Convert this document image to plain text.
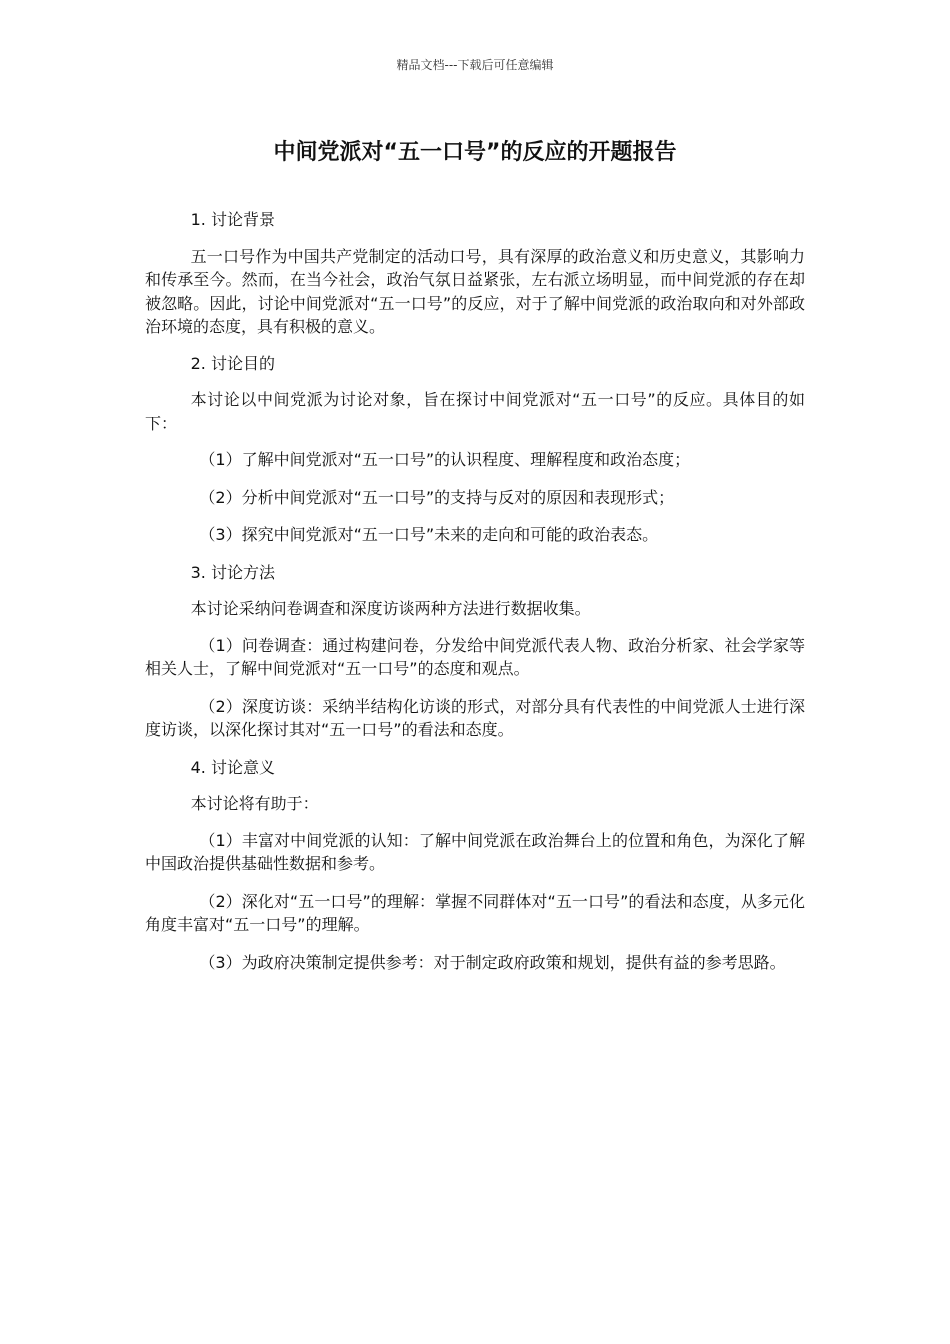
精品文档---下载后可任意编辑
中间党派对“五一口号”的反应的开题报告

1. 讨论背景

五一口号作为中国共产党制定的活动口号，具有深厚的政治意义和历史意义，其影响力和传承至今。然而，在当今社会，政治气氛日益紧张，左右派立场明显，而中间党派的存在却被忽略。因此，讨论中间党派对“五一口号”的反应，对于了解中间党派的政治取向和对外部政治环境的态度，具有积极的意义。

2. 讨论目的

本讨论以中间党派为讨论对象，旨在探讨中间党派对“五一口号”的反应。具体目的如下：

（1）了解中间党派对“五一口号”的认识程度、理解程度和政治态度；

（2）分析中间党派对“五一口号”的支持与反对的原因和表现形式；

（3）探究中间党派对“五一口号”未来的走向和可能的政治表态。

3. 讨论方法

本讨论采纳问卷调查和深度访谈两种方法进行数据收集。

（1）问卷调查：通过构建问卷，分发给中间党派代表人物、政治分析家、社会学家等相关人士，了解中间党派对“五一口号”的态度和观点。

（2）深度访谈：采纳半结构化访谈的形式，对部分具有代表性的中间党派人士进行深度访谈，以深化探讨其对“五一口号”的看法和态度。

4. 讨论意义

本讨论将有助于：

（1）丰富对中间党派的认知：了解中间党派在政治舞台上的位置和角色，为深化了解中国政治提供基础性数据和参考。

（2）深化对“五一口号”的理解：掌握不同群体对“五一口号”的看法和态度，从多元化角度丰富对“五一口号”的理解。

（3）为政府决策制定提供参考：对于制定政府政策和规划，提供有益的参考思路。
